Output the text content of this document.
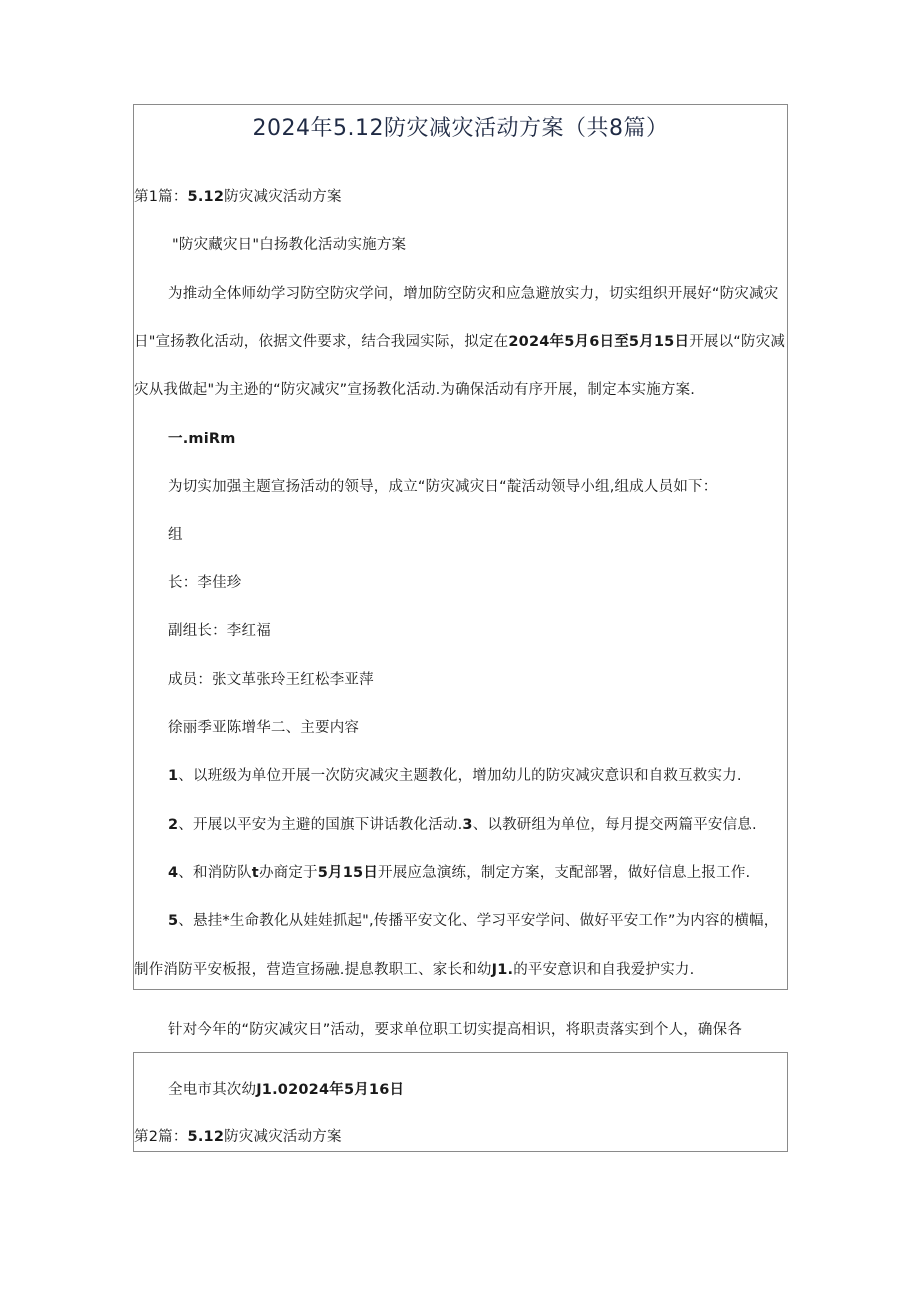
2024年5.12防灾减灾活动方案（共8篇）
第1篇：5.12防灾减灾活动方案
"防灾藏灾日"白扬教化活动实施方案
为推动全体师幼学习防空防灾学问，增加防空防灾和应急避放实力，切实组织开展好“防灾减灾
日"宣扬教化活动，依据文件要求，结合我园实际，拟定在2024年5月6日至5月15日开展以“防灾减
灾从我做起"为主逊的“防灾减灾”宣扬教化活动.为确保活动有序开展，制定本实施方案.
一.miRm
为切实加强主题宣扬活动的领导，成立“防灾减灾日“靛活动领导小组,组成人员如下：
组
长：李佳珍
副组长：李红福
成员：张文革张玲王红松李亚萍
徐丽季亚陈增华二、主要内容
1、以班级为单位开展一次防灾减灾主题教化，增加幼儿的防灾减灾意识和自救互救实力.
2、开展以平安为主避的国旗下讲话教化活动.3、以教研组为单位，每月提交两篇平安信息.
4、和消防队t办商定于5月15日开展应急演练，制定方案，支配部署，做好信息上报工作.
5、悬挂*生命教化从娃娃抓起",传播平安文化、学习平安学问、做好平安工作”为内容的横幅，
制作消防平安板报，营造宣扬融.提息教职工、家长和幼J1.的平安意识和自我爱护实力.
针对今年的“防灾减灾日”活动，要求单位职工切实提高相识，将职责落实到个人，确保各
全电市其次幼J1.02024年5月16日
第2篇：5.12防灾减灾活动方案
